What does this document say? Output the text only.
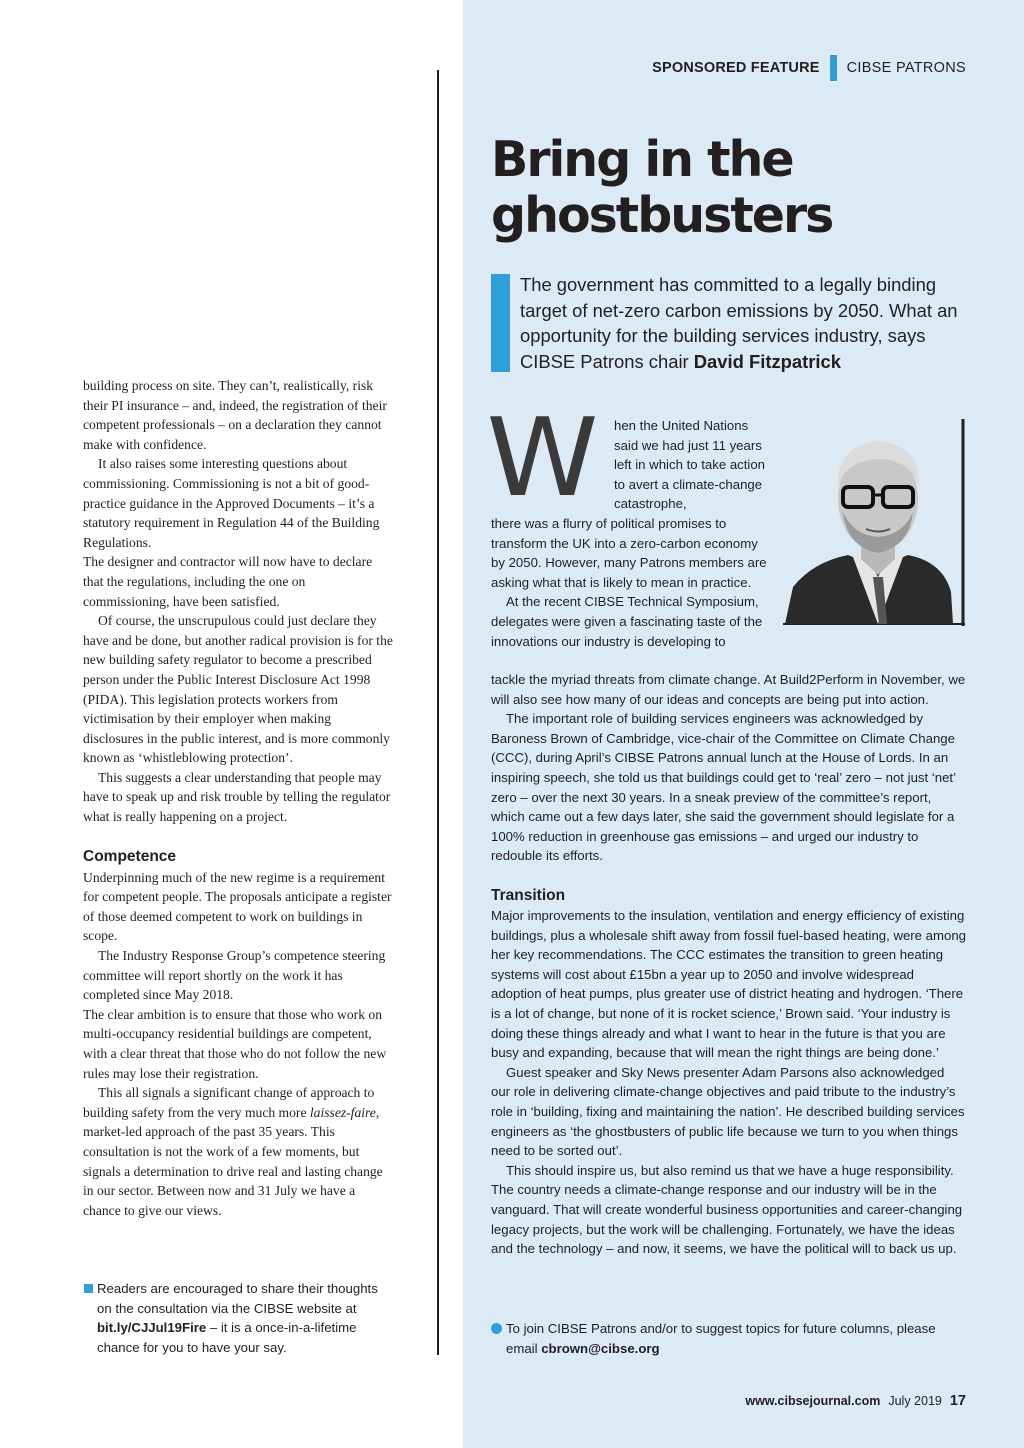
building process on site. They can’t, realistically, risk their PI insurance – and, indeed, the registration of their competent professionals – on a declaration they cannot make with confidence.

It also raises some interesting questions about commissioning. Commissioning is not a bit of good-practice guidance in the Approved Documents – it’s a statutory requirement in Regulation 44 of the Building Regulations.

The designer and contractor will now have to declare that the regulations, including the one on commissioning, have been satisfied.

Of course, the unscrupulous could just declare they have and be done, but another radical provision is for the new building safety regulator to become a prescribed person under the Public Interest Disclosure Act 1998 (PIDA). This legislation protects workers from victimisation by their employer when making disclosures in the public interest, and is more commonly known as ‘whistleblowing protection’.

This suggests a clear understanding that people may have to speak up and risk trouble by telling the regulator what is really happening on a project.

Competence

Underpinning much of the new regime is a requirement for competent people. The proposals anticipate a register of those deemed competent to work on buildings in scope.

The Industry Response Group’s competence steering committee will report shortly on the work it has completed since May 2018.

The clear ambition is to ensure that those who work on multi-occupancy residential buildings are competent, with a clear threat that those who do not follow the new rules may lose their registration.

This all signals a significant change of approach to building safety from the very much more laissez-faire, market-led approach of the past 35 years. This consultation is not the work of a few moments, but signals a determination to drive real and lasting change in our sector. Between now and 31 July we have a chance to give our views.

Readers are encouraged to share their thoughts on the consultation via the CIBSE website at bit.ly/CJJul19Fire – it is a once-in-a-lifetime chance for you to have your say.
SPONSORED FEATURE CIBSE PATRONS
Bring in the
ghostbusters

The government has committed to a legally binding target of net-zero carbon emissions by 2050. What an opportunity for the building services industry, says CIBSE Patrons chair David Fitzpatrick

W hen the United Nations said we had just 11 years left in which to take action to avert a climate-change catastrophe,

there was a flurry of political promises to transform the UK into a zero-carbon economy by 2050. However, many Patrons members are asking what that is likely to mean in practice.

At the recent CIBSE Technical Symposium, delegates were given a fascinating taste of the innovations our industry is developing to

tackle the myriad threats from climate change. At Build2Perform in November, we will also see how many of our ideas and concepts are being put into action.

The important role of building services engineers was acknowledged by Baroness Brown of Cambridge, vice-chair of the Committee on Climate Change (CCC), during April’s CIBSE Patrons annual lunch at the House of Lords. In an inspiring speech, she told us that buildings could get to ‘real’ zero – not just ‘net’ zero – over the next 30 years. In a sneak preview of the committee’s report, which came out a few days later, she said the government should legislate for a 100% reduction in greenhouse gas emissions – and urged our industry to redouble its efforts.

Transition

Major improvements to the insulation, ventilation and energy efficiency of existing buildings, plus a wholesale shift away from fossil fuel-based heating, were among her key recommendations. The CCC estimates the transition to green heating systems will cost about £15bn a year up to 2050 and involve widespread adoption of heat pumps, plus greater use of district heating and hydrogen. ‘There is a lot of change, but none of it is rocket science,’ Brown said. ‘Your industry is doing these things already and what I want to hear in the future is that you are busy and expanding, because that will mean the right things are being done.’

Guest speaker and Sky News presenter Adam Parsons also acknowledged our role in delivering climate-change objectives and paid tribute to the industry’s role in ‘building, fixing and maintaining the nation’. He described building services engineers as ‘the ghostbusters of public life because we turn to you when things need to be sorted out’.

This should inspire us, but also remind us that we have a huge responsibility. The country needs a climate-change response and our industry will be in the vanguard. That will create wonderful business opportunities and career-changing legacy projects, but the work will be challenging. Fortunately, we have the ideas and the technology – and now, it seems, we have the political will to back us up.

To join CIBSE Patrons and/or to suggest topics for future columns, please email cbrown@cibse.org
www.cibsejournal.com July 2019 17
